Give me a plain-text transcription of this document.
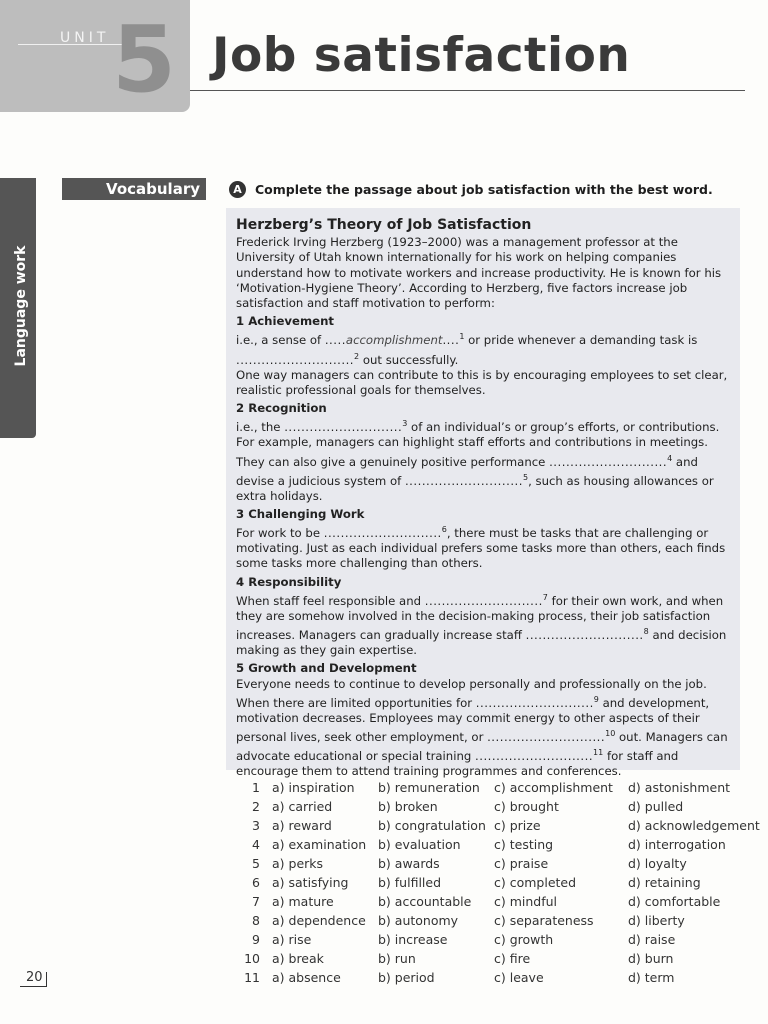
UNIT 5 Job satisfaction
Language work
Vocabulary	A	Complete the passage about job satisfaction with the best word.
Herzberg’s Theory of Job Satisfaction

Frederick Irving Herzberg (1923–2000) was a management professor at the University of Utah known internationally for his work on helping companies understand how to motivate workers and increase productivity. He is known for his ‘Motivation-Hygiene Theory’. According to Herzberg, five factors increase job satisfaction and staff motivation to perform:

1 Achievement

i.e., a sense of .....accomplishment....$^1$ or pride whenever a demanding task is
............................$^2$ out successfully.
One way managers can contribute to this is by encouraging employees to set clear, realistic professional goals for themselves.

2 Recognition

i.e., the ............................$^3$ of an individual’s or group’s efforts, or contributions. For example, managers can highlight staff efforts and contributions in meetings. They can also give a genuinely positive performance ............................$^4$ and devise a judicious system of ............................$^5$, such as housing allowances or extra holidays.

3 Challenging Work

For work to be ............................$^6$, there must be tasks that are challenging or motivating. Just as each individual prefers some tasks more than others, each finds some tasks more challenging than others.

4 Responsibility

When staff feel responsible and ............................$^7$ for their own work, and when they are somehow involved in the decision-making process, their job satisfaction increases. Managers can gradually increase staff ............................$^8$ and decision making as they gain expertise.

5 Growth and Development

Everyone needs to continue to develop personally and professionally on the job. When there are limited opportunities for ............................$^9$ and development, motivation decreases. Employees may commit energy to other aspects of their personal lives, seek other employment, or ............................$^{10}$ out. Managers can advocate educational or special training ............................$^{11}$ for staff and encourage them to attend training programmes and conferences.

1 a) inspiration b) remuneration c) accomplishment d) astonishment
2 a) carried	b) broken	c) brought	d) pulled
3 a) reward	b) congratulation c) prize	d) acknowledgement
4 a) examination b) evaluation	c) testing	d) interrogation
5 a) perks	b) awards	c) praise	d) loyalty
6 a) satisfying b) fulfilled	c) completed	d) retaining
7 a) mature	b) accountable c) mindful	d) comfortable
8 a) dependence b) autonomy	c) separateness	d) liberty
9 a) rise	b) increase	c) growth	d) raise
10 a) break	b) run	c) fire	d) burn
11 a) absence	b) period	c) leave	d) term
20
